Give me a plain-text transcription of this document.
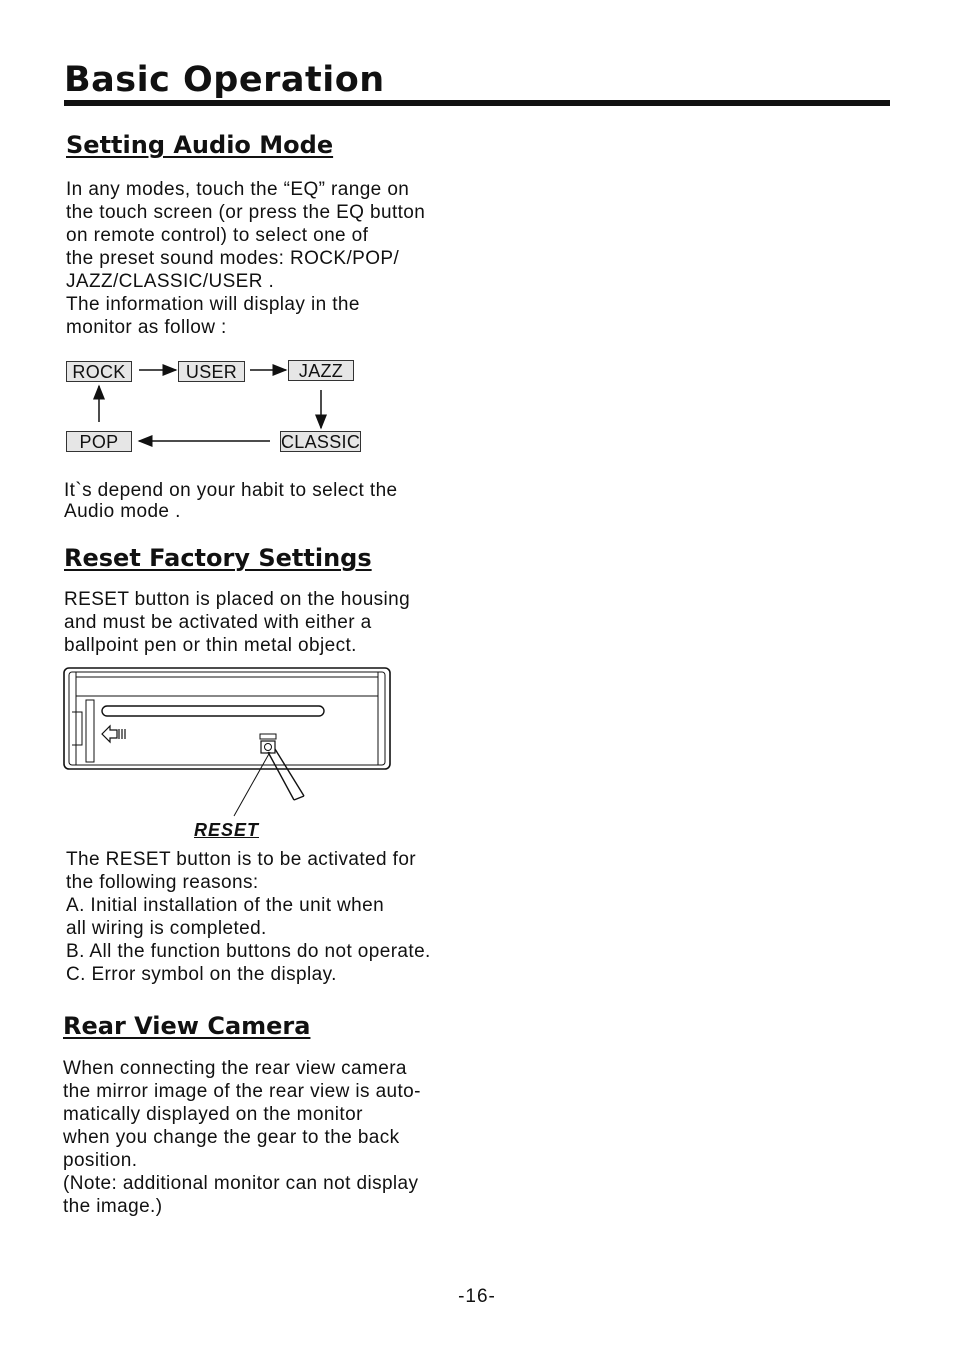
Basic Operation
Setting Audio Mode

In any modes, touch the “EQ” range on
the touch screen (or press the EQ button
on remote control) to select one of
the preset sound modes: ROCK/POP/
JAZZ/CLASSIC/USER .
The information will display in the
monitor as follow :

ROCK	USER	JAZZ
CLASSIC
POP

It`s depend on your habit to select the
Audio mode .

Reset Factory Settings

RESET button is placed on the housing
and must be activated with either a
ballpoint pen or thin metal object.

RESET

The RESET button is to be activated for
the following reasons:
A. Initial installation of the unit when
all wiring is completed.
B. All the function buttons do not operate.
C. Error symbol on the display.

Rear View Camera

When connecting the rear view camera
the mirror image of the rear view is auto-
matically displayed on the monitor
when you change the gear to the back
position.
(Note: additional monitor can not display
the image.)

-16-
